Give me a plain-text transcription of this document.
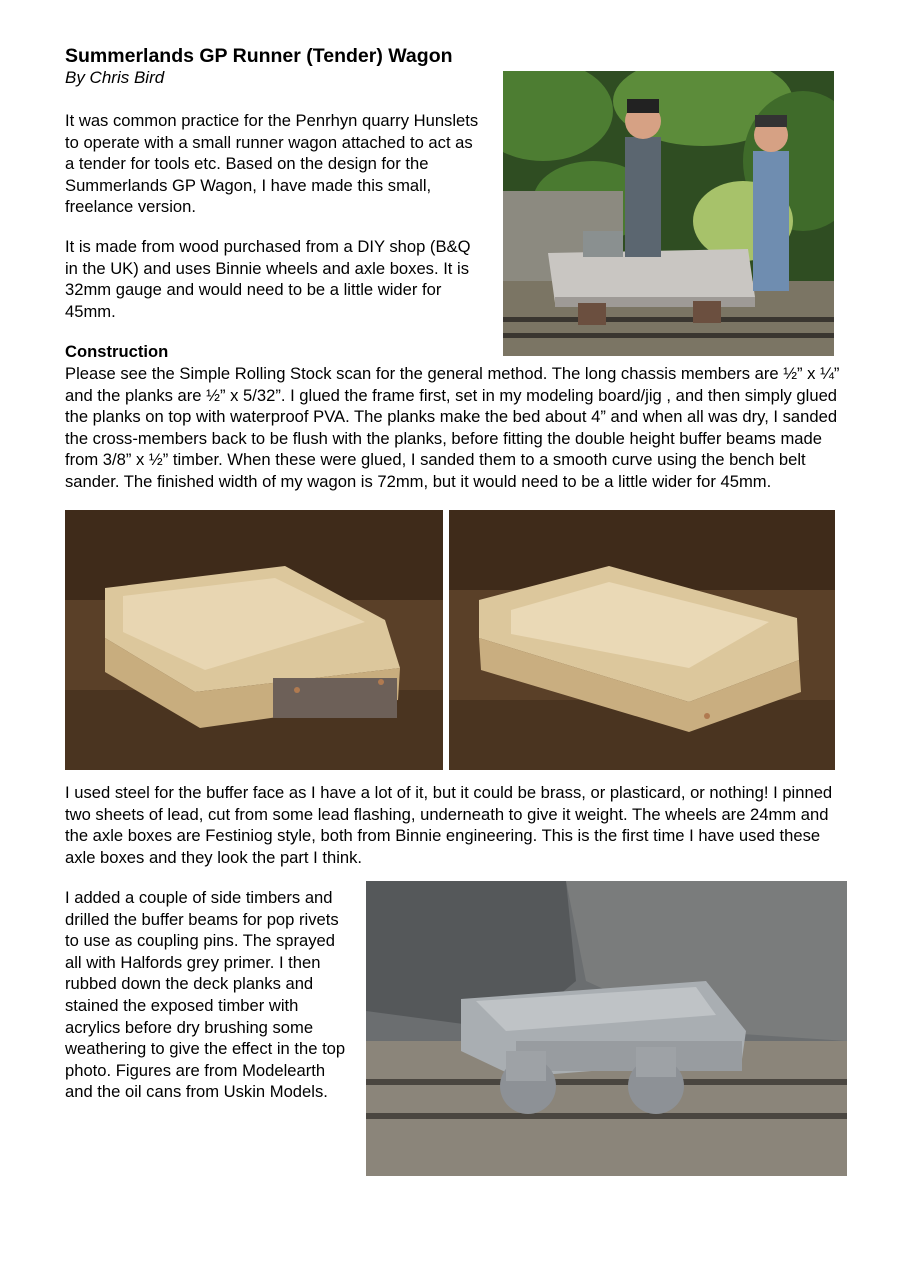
Summerlands GP Runner (Tender) Wagon
By Chris Bird

It was common practice for the Penrhyn quarry Hunslets to operate with a small runner wagon attached to act as a tender for tools etc. Based on the design for the Summerlands GP Wagon, I have made this small, freelance version.

It is made from wood purchased from a DIY shop (B&Q in the UK) and uses Binnie wheels and axle boxes. It is 32mm gauge and would need to be a little wider for 45mm.

Construction

Please see the Simple Rolling Stock scan for the general method. The long chassis members are ½” x ¼” and the planks are ½” x 5/32”. I glued the frame first, set in my modeling board/jig , and then simply glued the planks on top with waterproof PVA. The planks make the bed about 4” and when all was dry, I sanded the cross-members back to be flush with the planks, before fitting the double height buffer beams made from 3/8” x ½” timber. When these were glued, I sanded them to a smooth curve using the bench belt sander. The finished width of my wagon is 72mm, but it would need to be a little wider for 45mm.

I used steel for the buffer face as I have a lot of it, but it could be brass, or plasticard, or nothing! I pinned two sheets of lead, cut from some lead flashing, underneath to give it weight. The wheels are 24mm and the axle boxes are Festiniog style, both from Binnie engineering. This is the first time I have used these axle boxes and they look the part I think.

I added a couple of side timbers and drilled the buffer beams for pop rivets to use as coupling pins. The sprayed all with Halfords grey primer. I then rubbed down the deck planks and stained the exposed timber with acrylics before dry brushing some weathering to give the effect in the top photo. Figures are from Modelearth and the oil cans from Uskin Models.
